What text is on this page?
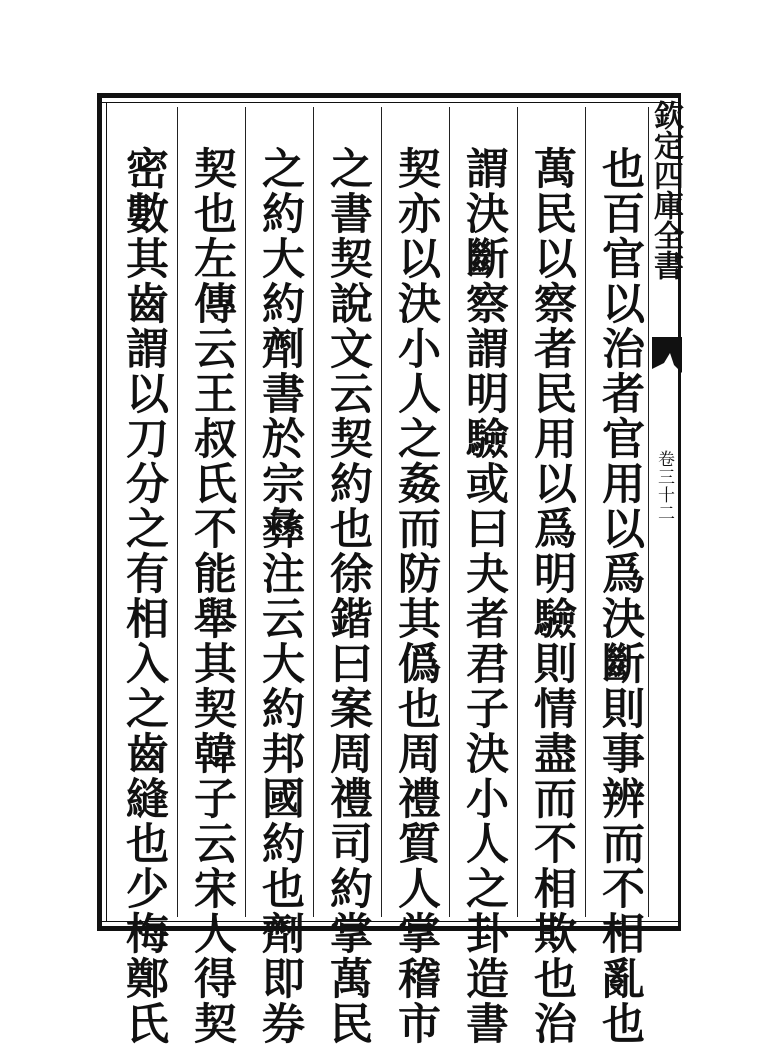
也百官以治者官用以爲決斷則事辨而不相亂也
萬民以察者民用以爲明驗則情盡而不相欺也治
謂決斷察謂明驗或曰夬者君子決小人之卦造書
契亦以決小人之姦而防其僞也周禮質人掌稽市
之書契說文云契約也徐鍇曰案周禮司約掌萬民
之約大約劑書於宗彝注云大約邦國約也劑即券
契也左傳云王叔氏不能舉其契韓子云宋人得契
密數其齒謂以刀分之有相入之齒縫也少梅鄭氏	欽定四庫全書
卷三十二
